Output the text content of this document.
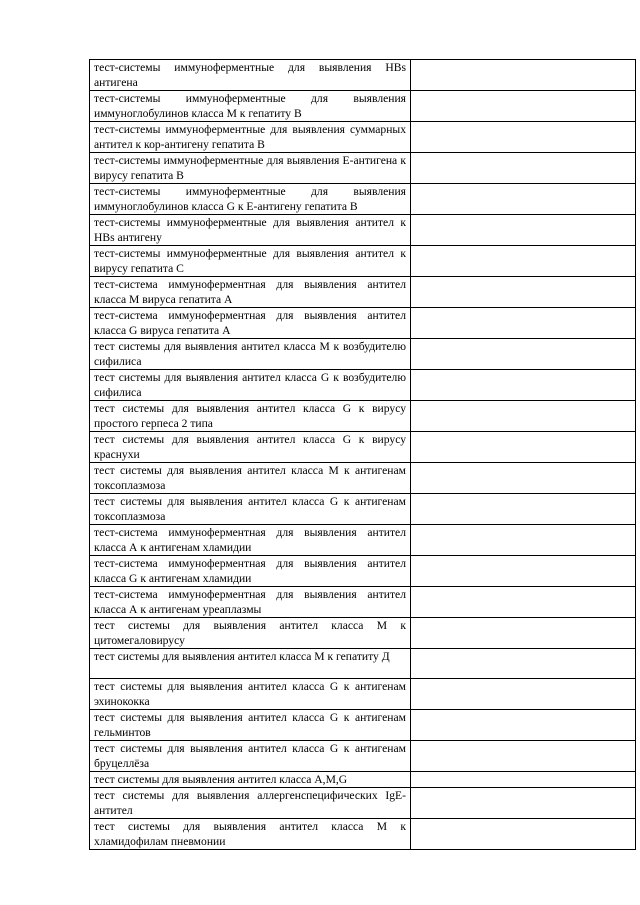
тест-системы иммуноферментные для выявления HBs антигена	
тест-системы иммуноферментные для выявления иммуноглобулинов класса М к гепатиту В	
тест-системы иммуноферментные для выявления суммарных антител к кор-антигену гепатита В	
тест-системы иммуноферментные для выявления Е-антигена к вирусу гепатита В	
тест-системы иммуноферментные для выявления иммуноглобулинов класса G к Е-антигену гепатита В	
тест-системы иммуноферментные для выявления антител к HBs антигену	
тест-системы иммуноферментные для выявления антител к вирусу гепатита С	
тест-система иммуноферментная для выявления антител класса М вируса гепатита А	
тест-система иммуноферментная для выявления антител класса G вируса гепатита А	
тест системы для выявления антител класса М к возбудителю сифилиса	
тест системы для выявления антител класса G к возбудителю сифилиса	
тест системы для выявления антител класса G к вирусу простого герпеса 2 типа	
тест системы для выявления антител класса G к вирусу краснухи	
тест системы для выявления антител класса М к антигенам токсоплазмоза	
тест системы для выявления антител класса G к антигенам токсоплазмоза	
тест-система иммуноферментная для выявления антител класса А к антигенам хламидии	
тест-система иммуноферментная для выявления антител класса G к антигенам хламидии	
тест-система иммуноферментная для выявления антител класса А к антигенам уреаплазмы	
тест системы для выявления антител класса М к цитомегаловирусу	
тест системы для выявления антител класса М к гепатиту Д	
тест системы для выявления антител класса G к антигенам эхинококка	
тест системы для выявления антител класса G к антигенам гельминтов	
тест системы для выявления антител класса G к антигенам бруцеллёза	
тест системы для выявления антител класса А,М,G	
тест системы для выявления аллергенспецифических IgE-антител	
тест системы для выявления антител класса М к хламидофилам пневмонии	
